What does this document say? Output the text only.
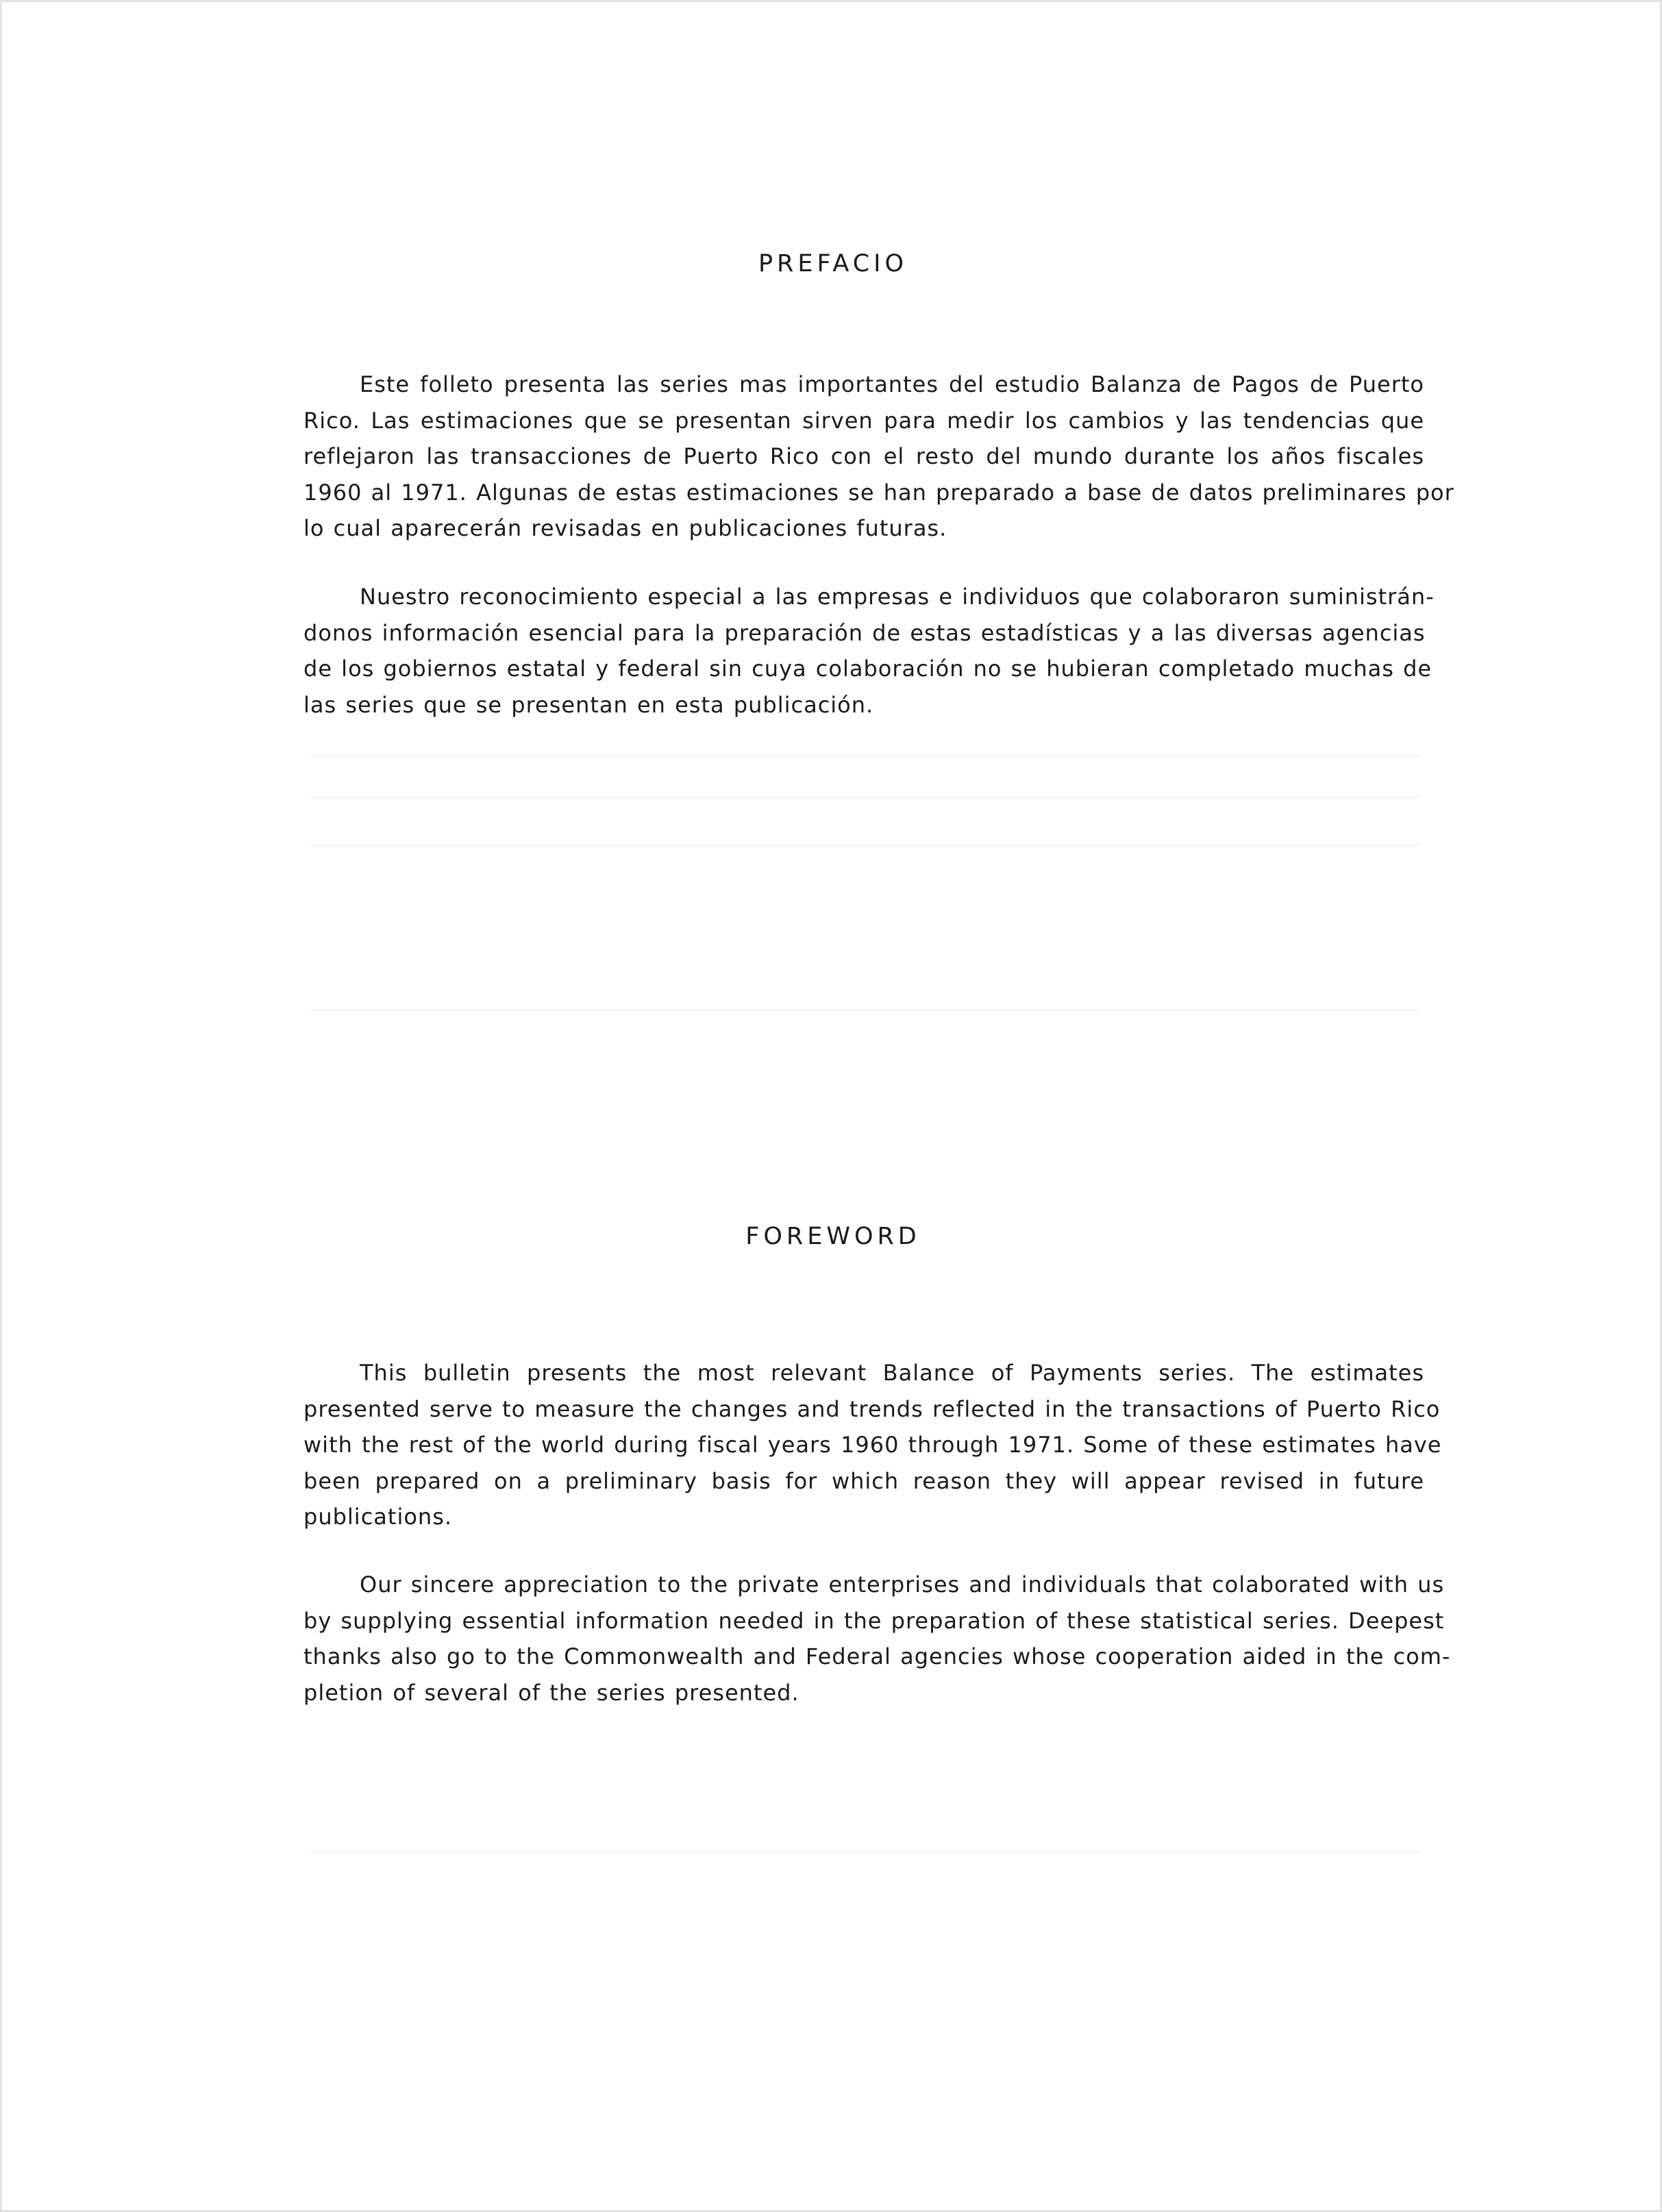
PREFACIO

Este folleto presenta las series mas importantes del estudio Balanza de Pagos de Puerto
Rico. Las estimaciones que se presentan sirven para medir los cambios y las tendencias que
reflejaron las transacciones de Puerto Rico con el resto del mundo durante los años fiscales
1960 al 1971. Algunas de estas estimaciones se han preparado a base de datos preliminares por
lo cual aparecerán revisadas en publicaciones futuras.

Nuestro reconocimiento especial a las empresas e individuos que colaboraron suministrán-
donos información esencial para la preparación de estas estadísticas y a las diversas agencias
de los gobiernos estatal y federal sin cuya colaboración no se hubieran completado muchas de
las series que se presentan en esta publicación.

FOREWORD

This bulletin presents the most relevant Balance of Payments series. The estimates
presented serve to measure the changes and trends reflected in the transactions of Puerto Rico
with the rest of the world during fiscal years 1960 through 1971. Some of these estimates have
been prepared on a preliminary basis for which reason they will appear revised in future
publications.

Our sincere appreciation to the private enterprises and individuals that colaborated with us
by supplying essential information needed in the preparation of these statistical series. Deepest
thanks also go to the Commonwealth and Federal agencies whose cooperation aided in the com-
pletion of several of the series presented.
